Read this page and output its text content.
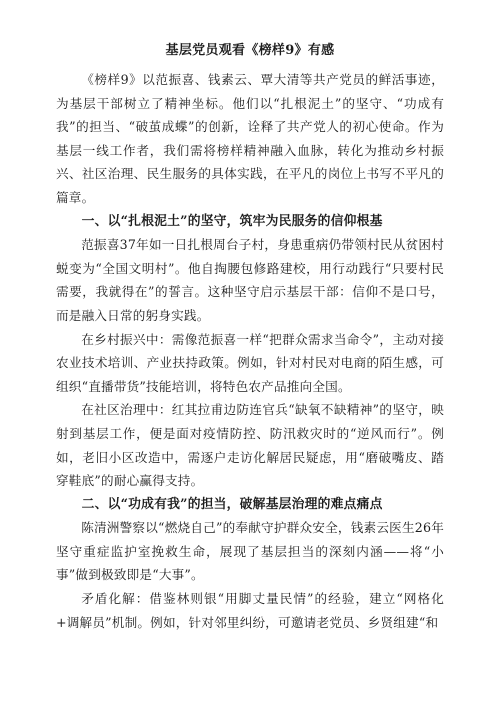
基层党员观看《榜样9》有感

《榜样9》以范振喜、钱素云、覃大清等共产党员的鲜活事迹，为基层干部树立了精神坐标。他们以“扎根泥土”的坚守、“功成有我”的担当、“破茧成蝶”的创新，诠释了共产党人的初心使命。作为基层一线工作者，我们需将榜样精神融入血脉，转化为推动乡村振兴、社区治理、民生服务的具体实践，在平凡的岗位上书写不平凡的篇章。

一、以“扎根泥土”的坚守，筑牢为民服务的信仰根基

范振喜37年如一日扎根周台子村，身患重病仍带领村民从贫困村蜕变为“全国文明村”。他自掏腰包修路建校，用行动践行“只要村民需要，我就得在”的誓言。这种坚守启示基层干部：信仰不是口号，而是融入日常的躬身实践。

在乡村振兴中：需像范振喜一样“把群众需求当命令”，主动对接农业技术培训、产业扶持政策。例如，针对村民对电商的陌生感，可组织“直播带货”技能培训，将特色农产品推向全国。

在社区治理中：红其拉甫边防连官兵“缺氧不缺精神”的坚守，映射到基层工作，便是面对疫情防控、防汛救灾时的“逆风而行”。例如，老旧小区改造中，需逐户走访化解居民疑虑，用“磨破嘴皮、踏穿鞋底”的耐心赢得支持。

二、以“功成有我”的担当，破解基层治理的难点痛点

陈清洲警察以“燃烧自己”的奉献守护群众安全，钱素云医生26年坚守重症监护室挽救生命，展现了基层担当的深刻内涵——将“小事”做到极致即是“大事”。

矛盾化解：借鉴林则银“用脚丈量民情”的经验，建立“网格化+调解员”机制。例如，针对邻里纠纷，可邀请老党员、乡贤组建“和
